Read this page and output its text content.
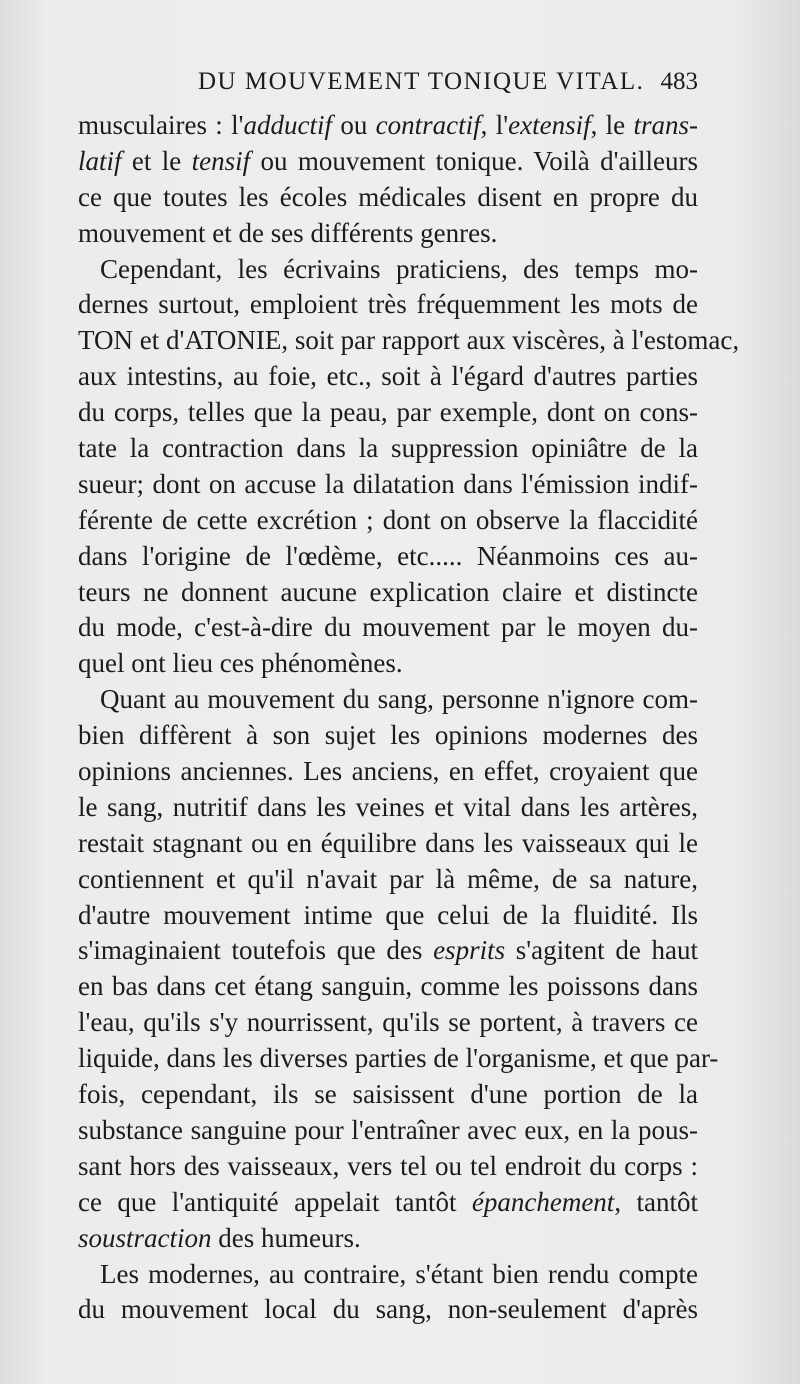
DU MOUVEMENT TONIQUE VITAL. 483
musculaires : l'adductif ou contractif, l'extensif, le trans-
latif et le tensif ou mouvement tonique. Voilà d'ailleurs
ce que toutes les écoles médicales disent en propre du
mouvement et de ses différents genres.
Cependant, les écrivains praticiens, des temps mo-
dernes surtout, emploient très fréquemment les mots de
TON et d'ATONIE, soit par rapport aux viscères, à l'estomac,
aux intestins, au foie, etc., soit à l'égard d'autres parties
du corps, telles que la peau, par exemple, dont on cons-
tate la contraction dans la suppression opiniâtre de la
sueur; dont on accuse la dilatation dans l'émission indif-
férente de cette excrétion ; dont on observe la flaccidité
dans l'origine de l'œdème, etc..... Néanmoins ces au-
teurs ne donnent aucune explication claire et distincte
du mode, c'est-à-dire du mouvement par le moyen du-
quel ont lieu ces phénomènes.
Quant au mouvement du sang, personne n'ignore com-
bien diffèrent à son sujet les opinions modernes des
opinions anciennes. Les anciens, en effet, croyaient que
le sang, nutritif dans les veines et vital dans les artères,
restait stagnant ou en équilibre dans les vaisseaux qui le
contiennent et qu'il n'avait par là même, de sa nature,
d'autre mouvement intime que celui de la fluidité. Ils
s'imaginaient toutefois que des esprits s'agitent de haut
en bas dans cet étang sanguin, comme les poissons dans
l'eau, qu'ils s'y nourrissent, qu'ils se portent, à travers ce
liquide, dans les diverses parties de l'organisme, et que par-
fois, cependant, ils se saisissent d'une portion de la
substance sanguine pour l'entraîner avec eux, en la pous-
sant hors des vaisseaux, vers tel ou tel endroit du corps :
ce que l'antiquité appelait tantôt épanchement, tantôt
soustraction des humeurs.
Les modernes, au contraire, s'étant bien rendu compte
du mouvement local du sang, non-seulement d'après
